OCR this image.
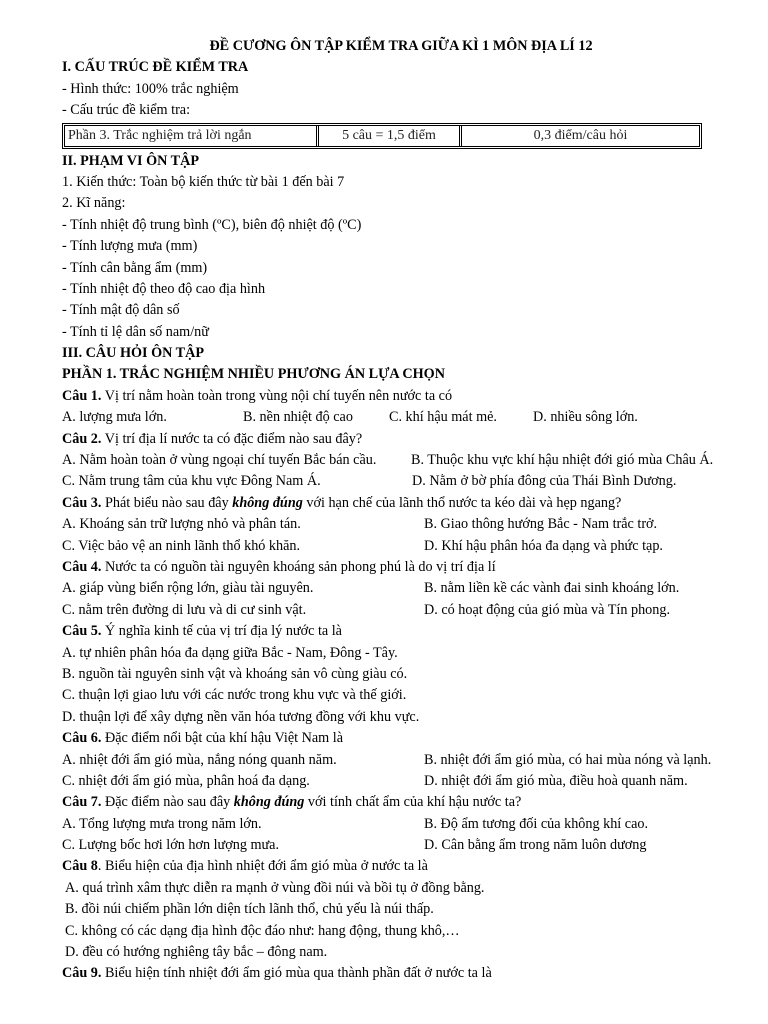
ĐỀ CƯƠNG ÔN TẬP KIỂM TRA GIỮA KÌ 1 MÔN ĐỊA LÍ 12
I. CẤU TRÚC ĐỀ KIỂM TRA
- Hình thức: 100% trắc nghiệm
- Cấu trúc đề kiểm tra:
Phần 3. Trắc nghiệm trả lời ngắn	5 câu = 1,5 điểm	0,3 điểm/câu hỏi
II. PHẠM VI ÔN TẬP
1. Kiến thức: Toàn bộ kiến thức từ bài 1 đến bài 7
2. Kĩ năng:
- Tính nhiệt độ trung bình (ºC), biên độ nhiệt độ (ºC)
- Tính lượng mưa (mm)
- Tính cân bằng ẩm (mm)
- Tính nhiệt độ theo độ cao địa hình
- Tính mật độ dân số
- Tính tỉ lệ dân số nam/nữ
III. CÂU HỎI ÔN TẬP
PHẦN 1. TRẮC NGHIỆM NHIỀU PHƯƠNG ÁN LỰA CHỌN
Câu 1. Vị trí nằm hoàn toàn trong vùng nội chí tuyến nên nước ta có
A. lượng mưa lớn.	B. nền nhiệt độ cao	C. khí hậu mát mẻ.	D. nhiều sông lớn.
Câu 2. Vị trí địa lí nước ta có đặc điểm nào sau đây?
A. Nằm hoàn toàn ở vùng ngoại chí tuyến Bắc bán cầu.	B. Thuộc khu vực khí hậu nhiệt đới gió mùa Châu Á.
C. Nằm trung tâm của khu vực Đông Nam Á.	D. Nằm ở bờ phía đông của Thái Bình Dương.
Câu 3. Phát biểu nào sau đây không đúng với hạn chế của lãnh thổ nước ta kéo dài và hẹp ngang?
A. Khoáng sản trữ lượng nhỏ và phân tán.	B. Giao thông hướng Bắc - Nam trắc trở.
C. Việc bảo vệ an ninh lãnh thổ khó khăn.	D. Khí hậu phân hóa đa dạng và phức tạp.
Câu 4. Nước ta có nguồn tài nguyên khoáng sản phong phú là do vị trí địa lí
A. giáp vùng biển rộng lớn, giàu tài nguyên.	B. nằm liền kề các vành đai sinh khoáng lớn.
C. nằm trên đường di lưu và di cư sinh vật.	D. có hoạt động của gió mùa và Tín phong.
Câu 5. Ý nghĩa kinh tế của vị trí địa lý nước ta là
A. tự nhiên phân hóa đa dạng giữa Bắc - Nam, Đông - Tây.
B. nguồn tài nguyên sinh vật và khoáng sản vô cùng giàu có.
C. thuận lợi giao lưu với các nước trong khu vực và thế giới.
D. thuận lợi để xây dựng nền văn hóa tương đồng với khu vực.
Câu 6. Đặc điểm nổi bật của khí hậu Việt Nam là
A. nhiệt đới ẩm gió mùa, nắng nóng quanh năm.	B. nhiệt đới ẩm gió mùa, có hai mùa nóng và lạnh.
C. nhiệt đới ẩm gió mùa, phân hoá đa dạng.	D. nhiệt đới ẩm gió mùa, điều hoà quanh năm.
Câu 7. Đặc điểm nào sau đây không đúng với tính chất ẩm của khí hậu nước ta?
A. Tổng lượng mưa trong năm lớn.	B. Độ ẩm tương đối của không khí cao.
C. Lượng bốc hơi lớn hơn lượng mưa.	D. Cân bằng ẩm trong năm luôn dương
Câu 8. Biểu hiện của địa hình nhiệt đới ẩm gió mùa ở nước ta là
A. quá trình xâm thực diễn ra mạnh ở vùng đồi núi và bồi tụ ở đồng bằng.
B. đồi núi chiếm phần lớn diện tích lãnh thổ, chủ yếu là núi thấp.
C. không có các dạng địa hình độc đáo như: hang động, thung khô,…
D. đều có hướng nghiêng tây bắc – đông nam.
Câu 9. Biểu hiện tính nhiệt đới ẩm gió mùa qua thành phần đất ở nước ta là
